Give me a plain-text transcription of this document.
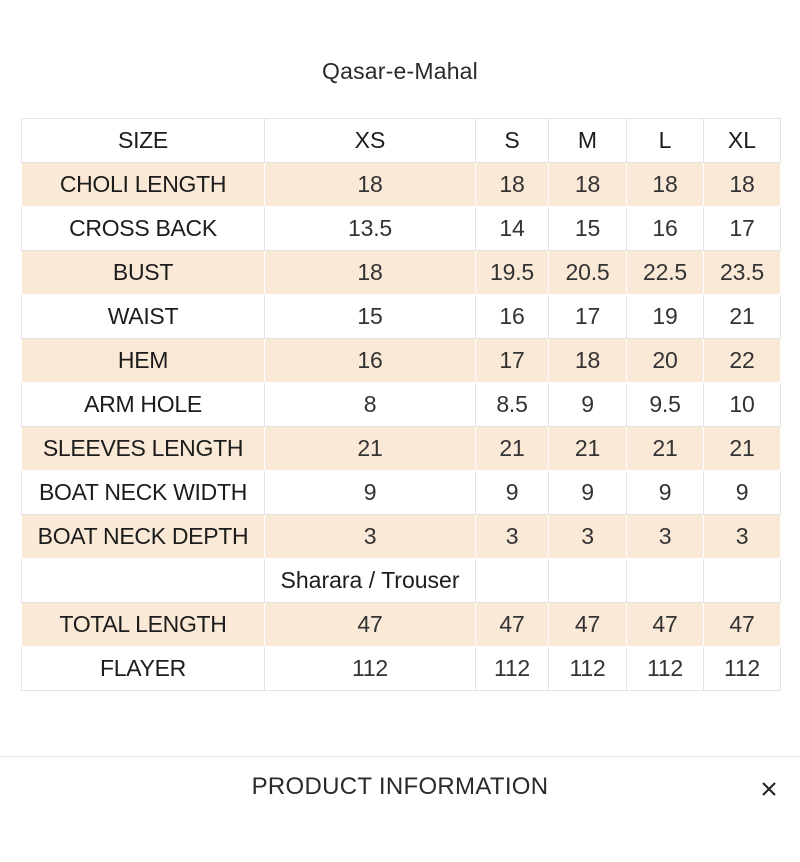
Qasar-e-Mahal
SIZE	XS	S	M	L	XL
CHOLI LENGTH	18	18	18	18	18
CROSS BACK	13.5	14	15	16	17
BUST	18	19.5	20.5	22.5	23.5
WAIST	15	16	17	19	21
HEM	16	17	18	20	22
ARM HOLE	8	8.5	9	9.5	10
SLEEVES LENGTH	21	21	21	21	21
BOAT NECK WIDTH	9	9	9	9	9
BOAT NECK DEPTH	3	3	3	3	3
	Sharara / Trouser				
TOTAL LENGTH	47	47	47	47	47
FLAYER	112	112	112	112	112
PRODUCT INFORMATION
